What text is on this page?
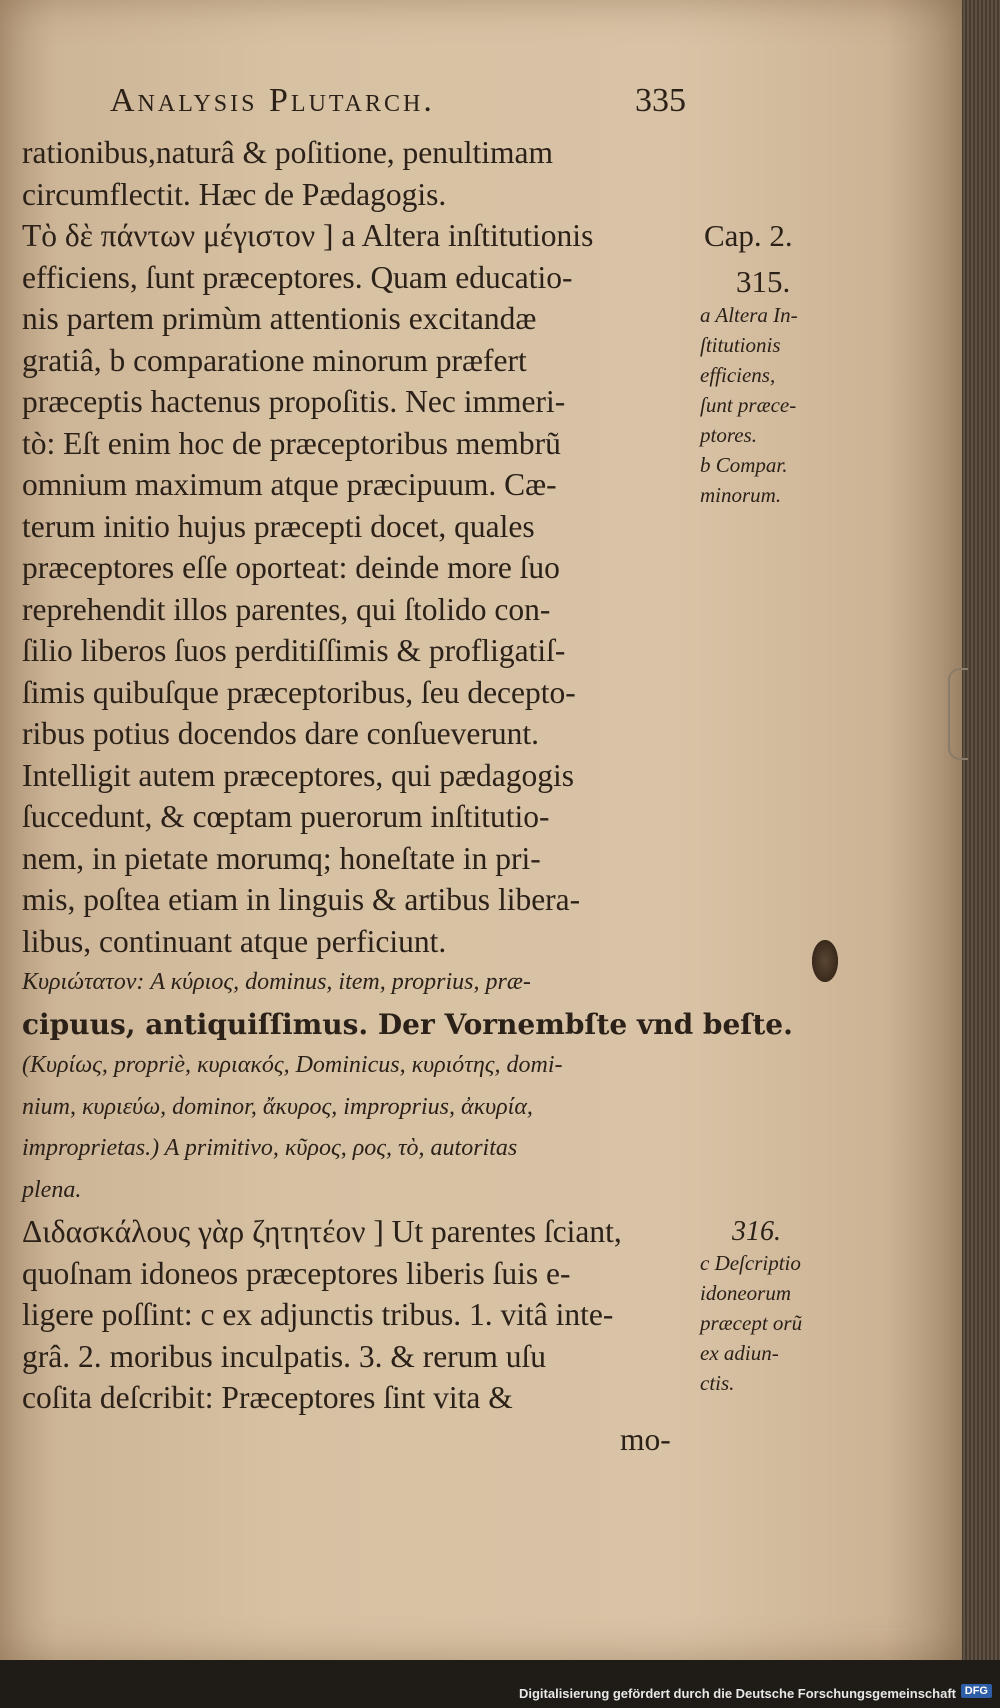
Analysis Plutarch.	335
rationibus,naturâ & poſitione, penultimam
circumflectit. Hæc de Pædagogis.
Τὸ δὲ πάντων μέγιστον ] a Altera inſtitutionis
efficiens, ſunt præceptores. Quam educatio-
nis partem primùm attentionis excitandæ
gratiâ, b comparatione minorum præfert
præceptis hactenus propoſitis. Nec immeri-
tò: Eſt enim hoc de præceptoribus membrũ
omnium maximum atque præcipuum. Cæ-
terum initio hujus præcepti docet, quales
præceptores eſſe oporteat: deinde more ſuo
reprehendit illos parentes, qui ſtolido con-
ſilio liberos ſuos perditiſſimis & profligatiſ-
ſimis quibuſque præceptoribus, ſeu decepto-
ribus potius docendos dare conſueverunt.
Intelligit autem præceptores, qui pædagogis
ſuccedunt, & cœptam puerorum inſtitutio-
nem, in pietate morumq; honeſtate in pri-
mis, poſtea etiam in linguis & artibus libera-
libus, continuant atque perficiunt.
Κυριώτατον: A κύριος, dominus, item, proprius, præ-
cipuus, antiquiſſimus. Der Vornembſte vnd beſte.
(Κυρίως, propriè, κυριακός, Dominicus, κυριότης, domi-
nium, κυριεύω, dominor, ἄκυρος, improprius, ἀκυρία,
improprietas.) A primitivo, κῦρος, ρος, τὸ, autoritas
plena.
Διδασκάλους γὰρ ζητητέον ] Ut parentes ſciant,
quoſnam idoneos præceptores liberis ſuis e-
ligere poſſint: c ex adjunctis tribus. 1. vitâ inte-
grâ. 2. moribus inculpatis. 3. & rerum uſu
coſita deſcribit: Præceptores ſint vita &
mo-
Cap. 2.
315.
a Altera In-
ſtitutionis
efficiens,
ſunt præce-
ptores.
b Compar.
minorum.
316.
c Deſcriptio
idoneorum
præcept orũ
ex adiun-
ctis.
Digitalisierung gefördert durch die Deutsche Forschungsgemeinschaft DFG
